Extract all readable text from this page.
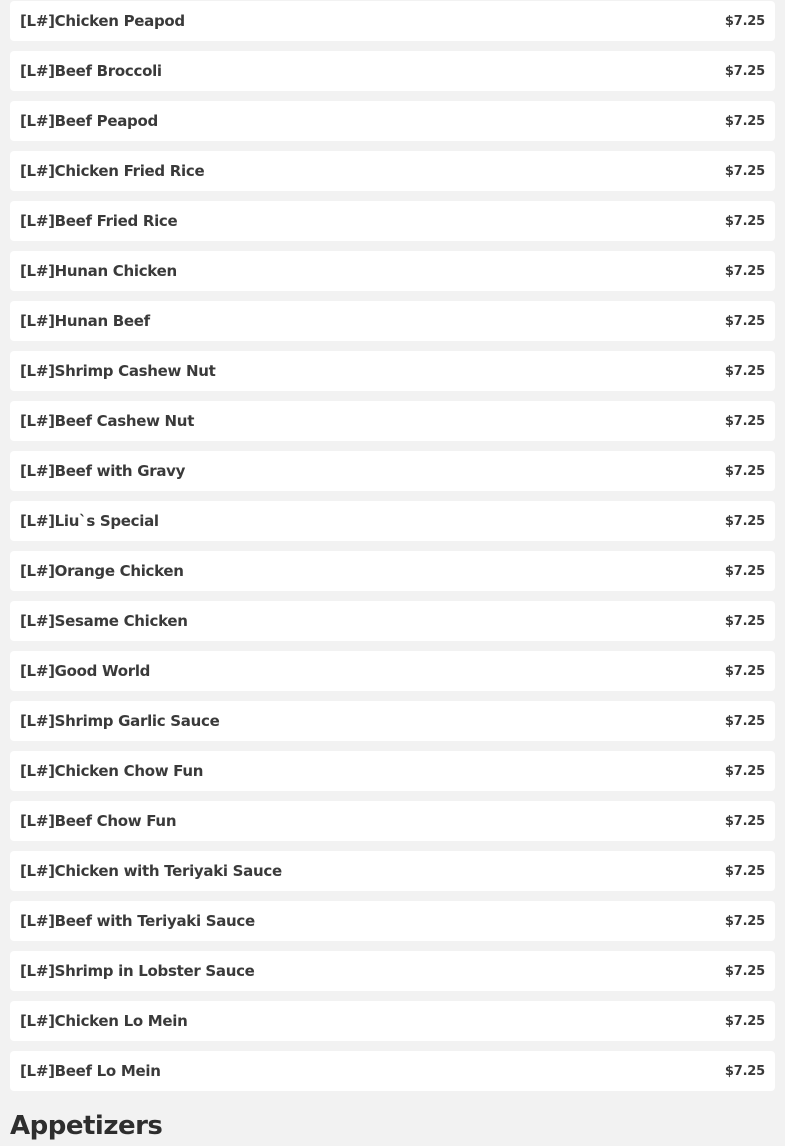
[L#]Chicken Peapod	$7.25
[L#]Beef Broccoli	$7.25
[L#]Beef Peapod	$7.25
[L#]Chicken Fried Rice	$7.25
[L#]Beef Fried Rice	$7.25
[L#]Hunan Chicken	$7.25
[L#]Hunan Beef	$7.25
[L#]Shrimp Cashew Nut	$7.25
[L#]Beef Cashew Nut	$7.25
[L#]Beef with Gravy	$7.25
[L#]Liu`s Special	$7.25
[L#]Orange Chicken	$7.25
[L#]Sesame Chicken	$7.25
[L#]Good World	$7.25
[L#]Shrimp Garlic Sauce	$7.25
[L#]Chicken Chow Fun	$7.25
[L#]Beef Chow Fun	$7.25
[L#]Chicken with Teriyaki Sauce	$7.25
[L#]Beef with Teriyaki Sauce	$7.25
[L#]Shrimp in Lobster Sauce	$7.25
[L#]Chicken Lo Mein	$7.25
[L#]Beef Lo Mein	$7.25
Appetizers
